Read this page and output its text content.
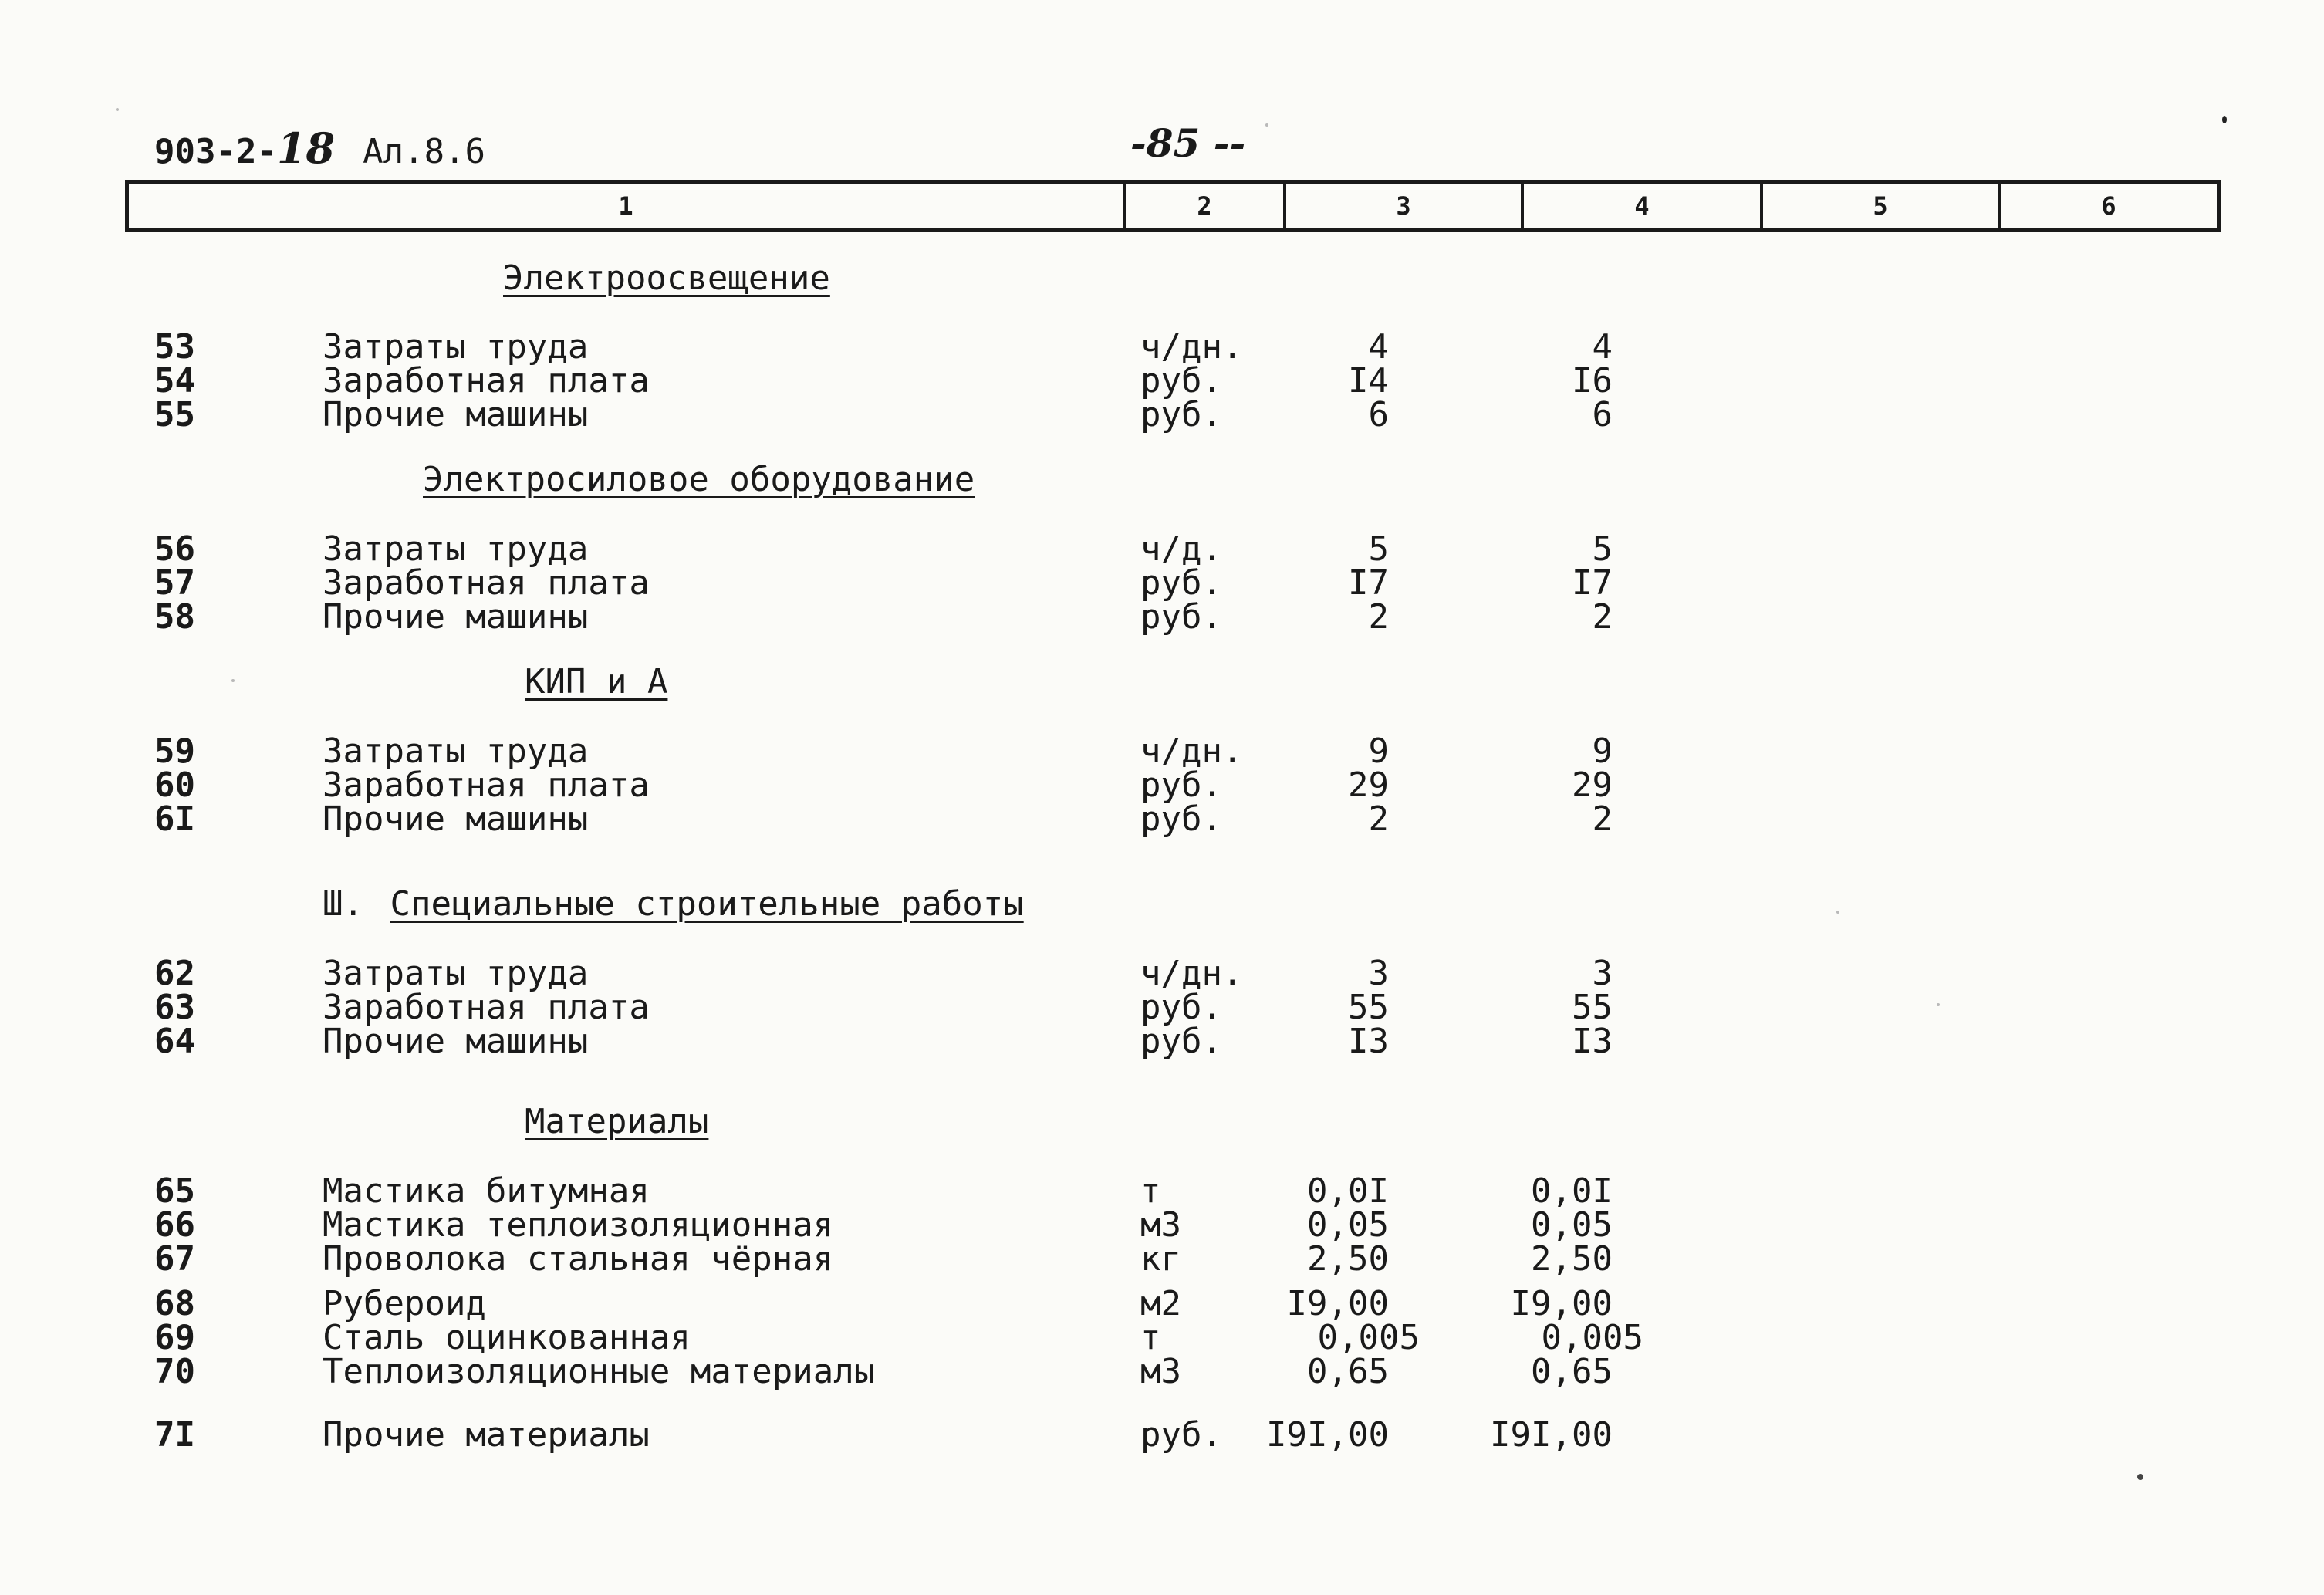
903-2-18 Ал.8.6	-85 --
1	2	3	4	5	6
Электроосвещение
53	Затраты труда	ч/дн.	4	4
54	Заработная плата	руб.	I4	I6
55	Прочие машины	руб.	6	6
Электросиловое оборудование
56	Затраты труда	ч/д.	5	5
57	Заработная плата	руб.	I7	I7
58	Прочие машины	руб.	2	2
КИП и А
59	Затраты труда	ч/дн.	9	9
60	Заработная плата	руб.	29	29
6I	Прочие машины	руб.	2	2
Ш. Специальные строительные работы
62	Затраты труда	ч/дн.	3	3
63	Заработная плата	руб.	55	55
64	Прочие машины	руб.	I3	I3
Материалы
65	Мастика битумная	т	0,0I	0,0I
66	Мастика теплоизоляционная	м3	0,05	0,05
67	Проволока стальная чёрная	кг	2,50	2,50
68	Рубероид	м2	I9,00	I9,00
69	Сталь оцинкованная	т	0,005	0,005
70	Теплоизоляционные материалы	м3	0,65	0,65
7I	Прочие материалы	руб. I9I,00	I9I,00
